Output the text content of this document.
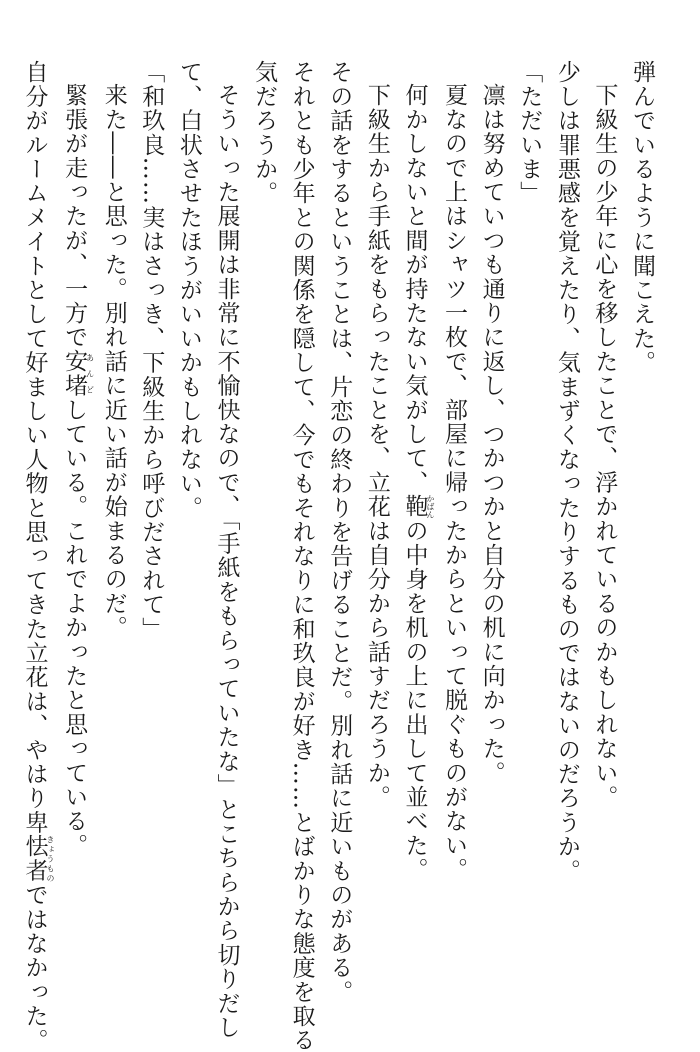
弾んでいるように聞こえた。
下級生の少年に心を移したことで、浮かれているのかもしれない。
少しは罪悪感を覚えたり、気まずくなったりするものではないのだろうか。
「ただいま」
凛は努めていつも通りに返し、つかつかと自分の机に向かった。
夏なので上はシャツ一枚で、部屋に帰ったからといって脱ぐものがない。
何かしないと間が持たない気がして、鞄かばんの中身を机の上に出して並べた。
下級生から手紙をもらったことを、立花は自分から話すだろうか。
その話をするということは、片恋の終わりを告げることだ。別れ話に近いものがある。
それとも少年との関係を隠して、今でもそれなりに和玖良が好き……とばかりな態度を取る
気だろうか。
そういった展開は非常に不愉快なので、「手紙をもらっていたな」とこちらから切りだし
て、白状させたほうがいいかもしれない。
「和玖良……実はさっき、下級生から呼びだされて」
来た――と思った。別れ話に近い話が始まるのだ。
緊張が走ったが、一方で安堵あんどしている。これでよかったと思っている。
自分がルームメイトとして好ましい人物と思ってきた立花は、やはり卑怯者きょうものではなかった。
